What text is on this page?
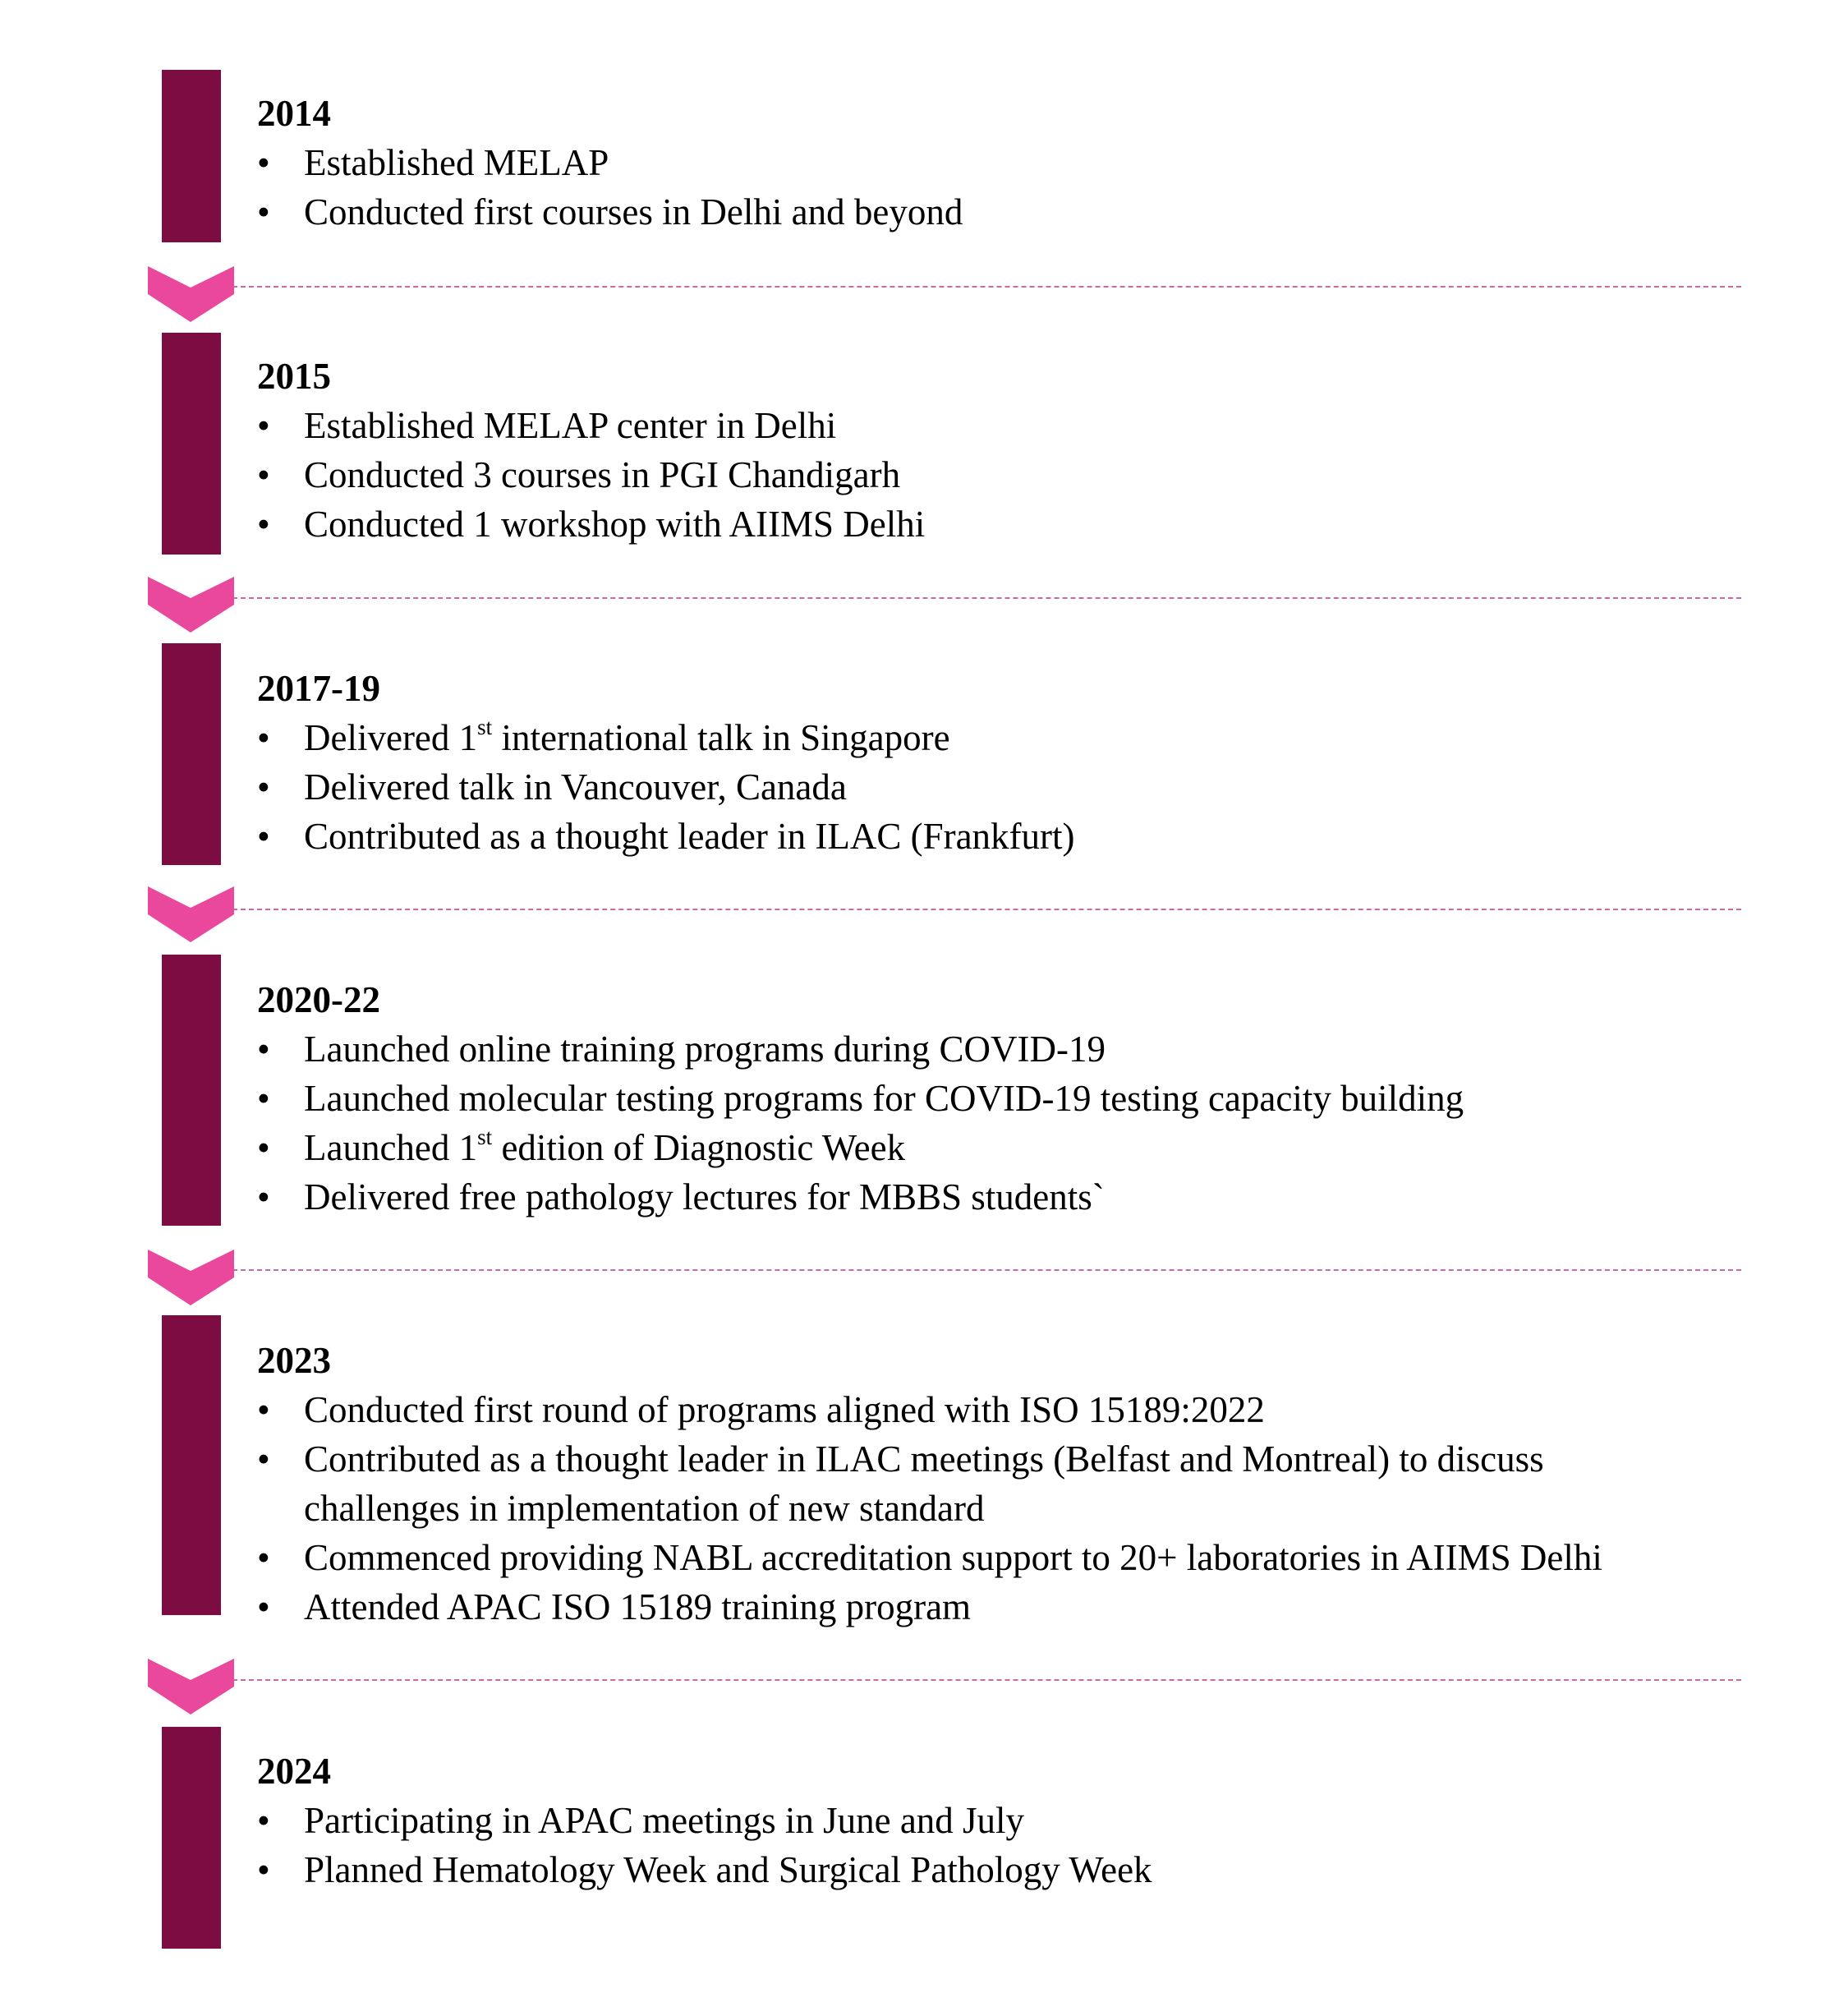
2014
• Established MELAP
• Conducted first courses in Delhi and beyond
2015
• Established MELAP center in Delhi
• Conducted 3 courses in PGI Chandigarh
• Conducted 1 workshop with AIIMS Delhi
2017-19
• Delivered 1st international talk in Singapore
• Delivered talk in Vancouver, Canada
• Contributed as a thought leader in ILAC (Frankfurt)
2020-22
• Launched online training programs during COVID-19
• Launched molecular testing programs for COVID-19 testing capacity building
• Launched 1st edition of Diagnostic Week
• Delivered free pathology lectures for MBBS students`
2023
• Conducted first round of programs aligned with ISO 15189:2022
• Contributed as a thought leader in ILAC meetings (Belfast and Montreal) to discuss
challenges in implementation of new standard
• Commenced providing NABL accreditation support to 20+ laboratories in AIIMS Delhi
• Attended APAC ISO 15189 training program
2024
• Participating in APAC meetings in June and July
• Planned Hematology Week and Surgical Pathology Week
